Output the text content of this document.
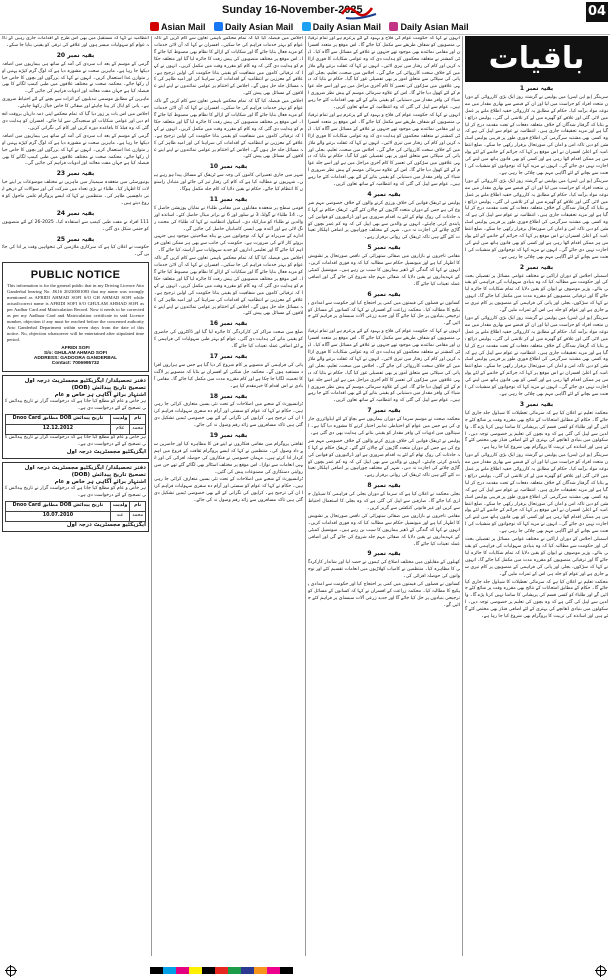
Sunday 16-November-2025	04
Asian Mail Daily Asian Mail Daily Asian Mail Daily Asian Mail
باقیات
بقیہ نمبر 1

سرینگر (یو این ایس) میں پولیس نے گزشتہ روز ایک بڑی کارروائی کے دوران متعدد افراد کو حراست میں لیا اور ان کے قبضے سے بھاری مقدار میں ممنوعہ مواد برآمد کیا۔ حکام کے مطابق یہ کارروائی خفیہ اطلاع ملنے پر عمل میں لائی گئی اور علاقے کو گھیرے میں لے کر تلاشی لی گئی۔ پولیس ذرائع نے بتایا کہ گرفتار شدگان کے خلاف متعلقہ دفعات کے تحت مقدمہ درج کر لیا گیا ہے اور مزید تحقیقات جاری ہیں۔ انتظامیہ نے عوام سے اپیل کی ہے کہ وہ کسی بھی مشتبہ سرگرمی کی اطلاع فوری طور پر قریبی پولیس اسٹیشن کو دیں تاکہ امن و امان کی صورتحال برقرار رکھی جا سکے۔ ضلع انتظامیہ کے اعلیٰ افسران نے اس موقع پر کہا کہ جرائم کے خاتمے کے لئے پولیس ہر ممکن اقدام اٹھا رہی ہے اور کسی کو بھی قانون ہاتھ میں لینے کی اجازت نہیں دی جائے گی۔ انہوں نے مزید کہا کہ نوجوانوں کو منشیات کی لعنت سے بچانے کے لئے آگاہی مہم بھی چلائی جا رہی ہے۔

سرینگر (یو این ایس) میں پولیس نے گزشتہ روز ایک بڑی کارروائی کے دوران متعدد افراد کو حراست میں لیا اور ان کے قبضے سے بھاری مقدار میں ممنوعہ مواد برآمد کیا۔ حکام کے مطابق یہ کارروائی خفیہ اطلاع ملنے پر عمل میں لائی گئی اور علاقے کو گھیرے میں لے کر تلاشی لی گئی۔ پولیس ذرائع نے بتایا کہ گرفتار شدگان کے خلاف متعلقہ دفعات کے تحت مقدمہ درج کر لیا گیا ہے اور مزید تحقیقات جاری ہیں۔ انتظامیہ نے عوام سے اپیل کی ہے کہ وہ کسی بھی مشتبہ سرگرمی کی اطلاع فوری طور پر قریبی پولیس اسٹیشن کو دیں تاکہ امن و امان کی صورتحال برقرار رکھی جا سکے۔ ضلع انتظامیہ کے اعلیٰ افسران نے اس موقع پر کہا کہ جرائم کے خاتمے کے لئے پولیس ہر ممکن اقدام اٹھا رہی ہے اور کسی کو بھی قانون ہاتھ میں لینے کی اجازت نہیں دی جائے گی۔ انہوں نے مزید کہا کہ نوجوانوں کو منشیات کی لعنت سے بچانے کے لئے آگاہی مہم بھی چلائی جا رہی ہے۔

بقیہ نمبر 2

اسمبلی اجلاس کے دوران اراکین نے مختلف عوامی مسائل پر تفصیلی بحث کی اور حکومت سے مطالبہ کیا کہ وہ بنیادی سہولیات کی فراہمی کو یقینی بنائے۔ وزیر موصوف نے ایوان کو یقین دلایا کہ تمام شکایات کا جائزہ لیا جائے گا اور ترقیاتی منصوبوں کو مقررہ مدت میں مکمل کیا جائے گا۔ انہوں نے کہا کہ سڑکوں، بجلی اور پانی کی فراہمی کے منصوبوں پر کام تیزی سے جاری ہے اور عوام کو جلد ہی اس کے ثمرات ملیں گے۔

سرینگر (یو این ایس) میں پولیس نے گزشتہ روز ایک بڑی کارروائی کے دوران متعدد افراد کو حراست میں لیا اور ان کے قبضے سے بھاری مقدار میں ممنوعہ مواد برآمد کیا۔ حکام کے مطابق یہ کارروائی خفیہ اطلاع ملنے پر عمل میں لائی گئی اور علاقے کو گھیرے میں لے کر تلاشی لی گئی۔ پولیس ذرائع نے بتایا کہ گرفتار شدگان کے خلاف متعلقہ دفعات کے تحت مقدمہ درج کر لیا گیا ہے اور مزید تحقیقات جاری ہیں۔ انتظامیہ نے عوام سے اپیل کی ہے کہ وہ کسی بھی مشتبہ سرگرمی کی اطلاع فوری طور پر قریبی پولیس اسٹیشن کو دیں تاکہ امن و امان کی صورتحال برقرار رکھی جا سکے۔ ضلع انتظامیہ کے اعلیٰ افسران نے اس موقع پر کہا کہ جرائم کے خاتمے کے لئے پولیس ہر ممکن اقدام اٹھا رہی ہے اور کسی کو بھی قانون ہاتھ میں لینے کی اجازت نہیں دی جائے گی۔ انہوں نے مزید کہا کہ نوجوانوں کو منشیات کی لعنت سے بچانے کے لئے آگاہی مہم بھی چلائی جا رہی ہے۔

بقیہ نمبر 3

محکمہ تعلیم نے اعلان کیا ہے کہ سرمائی تعطیلات کا شیڈول جلد جاری کیا جائے گا۔ حکام کے مطابق امتحانات کے نتائج بھی مقررہ وقت پر شائع کئے جائیں گے اور طلباء کو کسی قسم کی پریشانی کا سامنا نہیں کرنا پڑے گا۔ والدین سے اپیل کی گئی ہے کہ وہ بچوں کی تعلیم پر خصوصی توجہ دیں۔ اسکولوں میں بنیادی ڈھانچے کی بہتری کے لئے اضافی فنڈز بھی مختص کئے گئے ہیں اور اساتذہ کی تربیت کا پروگرام بھی شروع کیا جا رہا ہے۔

سرینگر (یو این ایس) میں پولیس نے گزشتہ روز ایک بڑی کارروائی کے دوران متعدد افراد کو حراست میں لیا اور ان کے قبضے سے بھاری مقدار میں ممنوعہ مواد برآمد کیا۔ حکام کے مطابق یہ کارروائی خفیہ اطلاع ملنے پر عمل میں لائی گئی اور علاقے کو گھیرے میں لے کر تلاشی لی گئی۔ پولیس ذرائع نے بتایا کہ گرفتار شدگان کے خلاف متعلقہ دفعات کے تحت مقدمہ درج کر لیا گیا ہے اور مزید تحقیقات جاری ہیں۔ انتظامیہ نے عوام سے اپیل کی ہے کہ وہ کسی بھی مشتبہ سرگرمی کی اطلاع فوری طور پر قریبی پولیس اسٹیشن کو دیں تاکہ امن و امان کی صورتحال برقرار رکھی جا سکے۔ ضلع انتظامیہ کے اعلیٰ افسران نے اس موقع پر کہا کہ جرائم کے خاتمے کے لئے پولیس ہر ممکن اقدام اٹھا رہی ہے اور کسی کو بھی قانون ہاتھ میں لینے کی اجازت نہیں دی جائے گی۔ انہوں نے مزید کہا کہ نوجوانوں کو منشیات کی لعنت سے بچانے کے لئے آگاہی مہم بھی چلائی جا رہی ہے۔

اسمبلی اجلاس کے دوران اراکین نے مختلف عوامی مسائل پر تفصیلی بحث کی اور حکومت سے مطالبہ کیا کہ وہ بنیادی سہولیات کی فراہمی کو یقینی بنائے۔ وزیر موصوف نے ایوان کو یقین دلایا کہ تمام شکایات کا جائزہ لیا جائے گا اور ترقیاتی منصوبوں کو مقررہ مدت میں مکمل کیا جائے گا۔ انہوں نے کہا کہ سڑکوں، بجلی اور پانی کی فراہمی کے منصوبوں پر کام تیزی سے جاری ہے اور عوام کو جلد ہی اس کے ثمرات ملیں گے۔

محکمہ تعلیم نے اعلان کیا ہے کہ سرمائی تعطیلات کا شیڈول جلد جاری کیا جائے گا۔ حکام کے مطابق امتحانات کے نتائج بھی مقررہ وقت پر شائع کئے جائیں گے اور طلباء کو کسی قسم کی پریشانی کا سامنا نہیں کرنا پڑے گا۔ والدین سے اپیل کی گئی ہے کہ وہ بچوں کی تعلیم پر خصوصی توجہ دیں۔ اسکولوں میں بنیادی ڈھانچے کی بہتری کے لئے اضافی فنڈز بھی مختص کئے گئے ہیں اور اساتذہ کی تربیت کا پروگرام بھی شروع کیا جا رہا ہے۔

انہوں نے کہا کہ حکومت عوام کی فلاح و بہبود کے لئے پرعزم ہے اور تمام ترقیاتی منصوبوں کو شفاف طریقے سے مکمل کیا جائے گا۔ اس موقع پر متعدد افسران اور مقامی نمائندے بھی موجود تھے جنہوں نے علاقے کے مسائل سے آگاہ کیا۔ ڈپٹی کمشنر نے متعلقہ محکموں کو ہدایت دی کہ وہ عوامی شکایات کا فوری ازالہ کریں اور کام کی رفتار میں تیزی لائیں۔ انہوں نے کہا کہ غفلت برتنے والے ملازمین کے خلاف سخت کارروائی کی جائے گی۔ اجلاس میں صحت، تعلیم، بجلی اور پانی کی سپلائی سے متعلق امور پر بھی تفصیلی غور کیا گیا۔ حکام نے بتایا کہ دیہی علاقوں میں سڑکوں کی تعمیر کا کام آخری مراحل میں ہے اور اسے جلد عوام کے لئے کھول دیا جائے گا۔ اس کے علاوہ سرمائی موسم کے پیش نظر ضروری اشیاء کی وافر مقدار میں دستیابی کو یقینی بنانے کے لئے بھی اقدامات کئے جا رہے ہیں۔ عوام سے اپیل کی گئی کہ وہ انتظامیہ کے ساتھ تعاون کریں۔

انہوں نے کہا کہ حکومت عوام کی فلاح و بہبود کے لئے پرعزم ہے اور تمام ترقیاتی منصوبوں کو شفاف طریقے سے مکمل کیا جائے گا۔ اس موقع پر متعدد افسران اور مقامی نمائندے بھی موجود تھے جنہوں نے علاقے کے مسائل سے آگاہ کیا۔ ڈپٹی کمشنر نے متعلقہ محکموں کو ہدایت دی کہ وہ عوامی شکایات کا فوری ازالہ کریں اور کام کی رفتار میں تیزی لائیں۔ انہوں نے کہا کہ غفلت برتنے والے ملازمین کے خلاف سخت کارروائی کی جائے گی۔ اجلاس میں صحت، تعلیم، بجلی اور پانی کی سپلائی سے متعلق امور پر بھی تفصیلی غور کیا گیا۔ حکام نے بتایا کہ دیہی علاقوں میں سڑکوں کی تعمیر کا کام آخری مراحل میں ہے اور اسے جلد عوام کے لئے کھول دیا جائے گا۔ اس کے علاوہ سرمائی موسم کے پیش نظر ضروری اشیاء کی وافر مقدار میں دستیابی کو یقینی بنانے کے لئے بھی اقدامات کئے جا رہے ہیں۔ عوام سے اپیل کی گئی کہ وہ انتظامیہ کے ساتھ تعاون کریں۔

بقیہ نمبر 4

پولیس نے ٹریفک قوانین کی خلاف ورزی کرنے والوں کے خلاف خصوصی مہم شروع کی ہے جس کے دوران متعدد گاڑیوں کے چالان کئے گئے۔ ٹریفک حکام نے کہا کہ حادثات کی روک تھام کے لئے یہ اقدام ضروری ہے اور ڈرائیوروں کو قوانین کی پابندی کرنی چاہئے۔ انہوں نے والدین سے بھی اپیل کی کہ وہ کم عمر بچوں کو گاڑی چلانے کی اجازت نہ دیں۔ شہر کے مختلف چوراہوں پر اضافی اہلکار تعینات کئے گئے ہیں تاکہ ٹریفک کی روانی برقرار رہے۔

بقیہ نمبر 5

مقامی تاجروں نے بازاروں میں صفائی ستھرائی کی ناقص صورتحال پر تشویش کا اظہار کیا ہے اور میونسپل حکام سے مطالبہ کیا کہ وہ فوری اقدامات کریں۔ انہوں نے کہا کہ گندگی کے ڈھیر بیماریوں کا سبب بن رہے ہیں۔ میونسپل کمیٹی کے عہدیداروں نے یقین دلایا کہ صفائی مہم جلد شروع کی جائے گی اور اضافی عملہ تعینات کیا جائے گا۔

بقیہ نمبر 6

کسانوں نے فصلوں کی قیمتوں میں کمی پر احتجاج کیا اور حکومت سے امدادی پیکیج کا مطالبہ کیا۔ محکمہ زراعت کے افسران نے کہا کہ کسانوں کے مسائل کو ترجیحی بنیادوں پر حل کیا جائے گا اور جدید زرعی آلات سبسڈی پر فراہم کئے جائیں گے۔

انہوں نے کہا کہ حکومت عوام کی فلاح و بہبود کے لئے پرعزم ہے اور تمام ترقیاتی منصوبوں کو شفاف طریقے سے مکمل کیا جائے گا۔ اس موقع پر متعدد افسران اور مقامی نمائندے بھی موجود تھے جنہوں نے علاقے کے مسائل سے آگاہ کیا۔ ڈپٹی کمشنر نے متعلقہ محکموں کو ہدایت دی کہ وہ عوامی شکایات کا فوری ازالہ کریں اور کام کی رفتار میں تیزی لائیں۔ انہوں نے کہا کہ غفلت برتنے والے ملازمین کے خلاف سخت کارروائی کی جائے گی۔ اجلاس میں صحت، تعلیم، بجلی اور پانی کی سپلائی سے متعلق امور پر بھی تفصیلی غور کیا گیا۔ حکام نے بتایا کہ دیہی علاقوں میں سڑکوں کی تعمیر کا کام آخری مراحل میں ہے اور اسے جلد عوام کے لئے کھول دیا جائے گا۔ اس کے علاوہ سرمائی موسم کے پیش نظر ضروری اشیاء کی وافر مقدار میں دستیابی کو یقینی بنانے کے لئے بھی اقدامات کئے جا رہے ہیں۔ عوام سے اپیل کی گئی کہ وہ انتظامیہ کے ساتھ تعاون کریں۔

بقیہ نمبر 7

محکمہ صحت نے موسم سرما کے دوران بیماریوں سے بچاؤ کے لئے ایڈوائزری جاری کی ہے جس میں عوام کو احتیاطی تدابیر اختیار کرنے کا مشورہ دیا گیا ہے۔ اسپتالوں میں ادویات کی وافر مقدار کو یقینی بنانے کی ہدایت بھی دی گئی ہے۔

پولیس نے ٹریفک قوانین کی خلاف ورزی کرنے والوں کے خلاف خصوصی مہم شروع کی ہے جس کے دوران متعدد گاڑیوں کے چالان کئے گئے۔ ٹریفک حکام نے کہا کہ حادثات کی روک تھام کے لئے یہ اقدام ضروری ہے اور ڈرائیوروں کو قوانین کی پابندی کرنی چاہئے۔ انہوں نے والدین سے بھی اپیل کی کہ وہ کم عمر بچوں کو گاڑی چلانے کی اجازت نہ دیں۔ شہر کے مختلف چوراہوں پر اضافی اہلکار تعینات کئے گئے ہیں تاکہ ٹریفک کی روانی برقرار رہے۔

بقیہ نمبر 8

بجلی محکمہ نے اعلان کیا ہے کہ سرما کے دوران بجلی کی فراہمی کا شیڈول جاری کیا جائے گا۔ صارفین سے اپیل کی گئی ہے کہ وہ بجلی کا استعمال احتیاط سے کریں اور غیر قانونی کنکشن سے گریز کریں۔

مقامی تاجروں نے بازاروں میں صفائی ستھرائی کی ناقص صورتحال پر تشویش کا اظہار کیا ہے اور میونسپل حکام سے مطالبہ کیا کہ وہ فوری اقدامات کریں۔ انہوں نے کہا کہ گندگی کے ڈھیر بیماریوں کا سبب بن رہے ہیں۔ میونسپل کمیٹی کے عہدیداروں نے یقین دلایا کہ صفائی مہم جلد شروع کی جائے گی اور اضافی عملہ تعینات کیا جائے گا۔

بقیہ نمبر 9

کھیلوں کے مقابلوں میں مختلف اضلاع کی ٹیموں نے حصہ لیا اور شاندار کارکردگی کا مظاہرہ کیا۔ منتظمین نے کامیاب کھلاڑیوں میں انعامات تقسیم کئے اور نوجوانوں کی حوصلہ افزائی کی۔

کسانوں نے فصلوں کی قیمتوں میں کمی پر احتجاج کیا اور حکومت سے امدادی پیکیج کا مطالبہ کیا۔ محکمہ زراعت کے افسران نے کہا کہ کسانوں کے مسائل کو ترجیحی بنیادوں پر حل کیا جائے گا اور جدید زرعی آلات سبسڈی پر فراہم کئے جائیں گے۔

اجلاس میں فیصلہ کیا گیا کہ تمام محکمے باہمی تعاون سے کام کریں گے تاکہ عوام کو بہتر خدمات فراہم کی جا سکیں۔ افسران نے کہا کہ آن لائن خدمات کو مزید فعال بنایا جائے گا اور شکایات کے ازالے کا نظام بھی مضبوط کیا جائے گا۔ اس موقع پر مختلف منصوبوں کی پیش رفت کا جائزہ لیا گیا اور متعلقہ حکام کو ہدایت دی گئی کہ وہ کام کو مقررہ وقت میں مکمل کریں۔ انہوں نے کہا کہ ترقیاتی کاموں میں شفافیت کو یقینی بنانا حکومت کی اولین ترجیح ہے۔ علاقے کے معززین نے انتظامیہ کے اقدامات کی سراہنا کی اور امید ظاہر کی کہ مسائل جلد حل ہوں گے۔ اجلاس کے اختتام پر عوامی نمائندوں نے اپنے اپنے علاقوں کے مسائل بھی پیش کئے۔

اجلاس میں فیصلہ کیا گیا کہ تمام محکمے باہمی تعاون سے کام کریں گے تاکہ عوام کو بہتر خدمات فراہم کی جا سکیں۔ افسران نے کہا کہ آن لائن خدمات کو مزید فعال بنایا جائے گا اور شکایات کے ازالے کا نظام بھی مضبوط کیا جائے گا۔ اس موقع پر مختلف منصوبوں کی پیش رفت کا جائزہ لیا گیا اور متعلقہ حکام کو ہدایت دی گئی کہ وہ کام کو مقررہ وقت میں مکمل کریں۔ انہوں نے کہا کہ ترقیاتی کاموں میں شفافیت کو یقینی بنانا حکومت کی اولین ترجیح ہے۔ علاقے کے معززین نے انتظامیہ کے اقدامات کی سراہنا کی اور امید ظاہر کی کہ مسائل جلد حل ہوں گے۔ اجلاس کے اختتام پر عوامی نمائندوں نے اپنے اپنے علاقوں کے مسائل بھی پیش کئے۔

بقیہ نمبر 10

شہر میں جاری تعمیراتی کاموں کی وجہ سے ٹریفک کے مسائل پیدا ہو رہے ہیں۔ شہریوں نے مطالبہ کیا ہے کہ کام کی رفتار تیز کی جائے اور متبادل راستوں کا انتظام کیا جائے۔ حکام نے یقین دلایا کہ کام جلد مکمل ہوگا۔

بقیہ نمبر 11

قومی سطح پر منعقدہ مقابلوں میں مقامی طلباء نے نمایاں پوزیشن حاصل کی۔ 14 طلباء نے گولڈ، 3 نے سلور اور 6 نے برانز میڈل حاصل کئے۔ اساتذہ اور والدین نے طلباء کو مبارکباد دی۔ اسکول انتظامیہ نے کہا کہ طلباء کی محنت رنگ لائی ہے اور آئندہ بھی ایسی کامیابیاں حاصل کی جائیں گی۔

ادارے کے سربراہ نے کہا کہ نوجوانوں میں بے پناہ صلاحیتیں موجود ہیں جنہیں بروئے کار لانے کی ضرورت ہے۔ حکومت کی جانب سے بھی ہر ممکن تعاون فراہم کیا جائے گا اور تعلیمی اداروں کو جدید سہولیات سے آراستہ کیا جائے گا۔

اجلاس میں فیصلہ کیا گیا کہ تمام محکمے باہمی تعاون سے کام کریں گے تاکہ عوام کو بہتر خدمات فراہم کی جا سکیں۔ افسران نے کہا کہ آن لائن خدمات کو مزید فعال بنایا جائے گا اور شکایات کے ازالے کا نظام بھی مضبوط کیا جائے گا۔ اس موقع پر مختلف منصوبوں کی پیش رفت کا جائزہ لیا گیا اور متعلقہ حکام کو ہدایت دی گئی کہ وہ کام کو مقررہ وقت میں مکمل کریں۔ انہوں نے کہا کہ ترقیاتی کاموں میں شفافیت کو یقینی بنانا حکومت کی اولین ترجیح ہے۔ علاقے کے معززین نے انتظامیہ کے اقدامات کی سراہنا کی اور امید ظاہر کی کہ مسائل جلد حل ہوں گے۔ اجلاس کے اختتام پر عوامی نمائندوں نے اپنے اپنے علاقوں کے مسائل بھی پیش کئے۔

بقیہ نمبر 16

ضلع میں صحت مراکز کی کارکردگی کا جائزہ لیا گیا اور ڈاکٹروں کی حاضری کو یقینی بنانے کی ہدایت دی گئی۔ عوام کو بہتر طبی سہولیات کی فراہمی کے لئے اضافی عملہ تعینات کیا جائے گا۔

بقیہ نمبر 17

پانی کی فراہمی کے منصوبے پر کام شروع کر دیا گیا ہے جس سے ہزاروں افراد مستفید ہوں گے۔ محکمہ جل شکتی کے افسران نے بتایا کہ منصوبے پر لاگت کا تخمینہ لگایا جا چکا ہے اور کام مقررہ مدت میں مکمل کیا جائے گا۔ مقامی آبادی نے اس اقدام کا خیرمقدم کیا ہے۔

بقیہ نمبر 18

ٹرانسپورٹ کے شعبے میں اصلاحات کے تحت نئی بسیں متعارف کرائی جا رہی ہیں۔ حکام نے کہا کہ عوام کو سستی اور آرام دہ سفری سہولیات فراہم کرنا ان کی ترجیح ہے۔ کرایوں کی نگرانی کے لئے بھی خصوصی ٹیمیں تشکیل دی گئی ہیں تاکہ مسافروں سے زائد رقم وصول نہ کی جائے۔

بقیہ نمبر 19

ثقافتی پروگرام میں مقامی فنکاروں نے اپنے فن کا مظاہرہ کیا اور حاضرین سے داد وصول کی۔ منتظمین نے کہا کہ ایسے پروگرام ثقافت کے فروغ میں اہم کردار ادا کرتے ہیں۔ مہمان خصوصی نے فنکاروں کی حوصلہ افزائی کی اور انہیں انعامات سے نوازا۔ اس موقع پر مختلف اسٹالز بھی لگائے گئے تھے جن میں روایتی دستکاری کی مصنوعات پیش کی گئیں۔

ٹرانسپورٹ کے شعبے میں اصلاحات کے تحت نئی بسیں متعارف کرائی جا رہی ہیں۔ حکام نے کہا کہ عوام کو سستی اور آرام دہ سفری سہولیات فراہم کرنا ان کی ترجیح ہے۔ کرایوں کی نگرانی کے لئے بھی خصوصی ٹیمیں تشکیل دی گئی ہیں تاکہ مسافروں سے زائد رقم وصول نہ کی جائے۔

انتظامیہ نے کہا کہ مستقبل میں بھی اس طرح کے اقدامات جاری رہیں گے تاکہ عوام کو سہولیات میسر ہوں اور علاقے کی ترقی کو یقینی بنایا جا سکے۔

بقیہ نمبر 20

گرمی کے موسم کے بعد اب سردی کی آمد کے ساتھ ہی بیماریوں میں اضافہ دیکھا جا رہا ہے۔ ماہرین صحت نے مشورہ دیا ہے کہ لوگ گرم کپڑے پہنیں اور متوازن غذا استعمال کریں۔ انہوں نے کہا کہ بزرگوں اور بچوں کا خاص خیال رکھا جائے۔ محکمہ صحت نے مختلف علاقوں میں طبی کیمپ لگانے کا بھی فیصلہ کیا ہے جہاں مفت معائنہ اور ادویات فراہم کی جائیں گی۔

ماہرین کے مطابق موسمی تبدیلیوں کے اثرات سے بچنے کے لئے احتیاط ضروری ہے۔ پانی کو ابال کر پینا چاہئے اور صفائی کا خاص خیال رکھنا چاہئے۔

اجلاس میں اس بات پر زور دیا گیا کہ تمام محکمے اپنی ذمہ داریاں بروقت انجام دیں اور عوامی شکایات کو سنجیدگی سے لیا جائے۔ افسران کو ہدایت دی گئی کہ وہ فیلڈ کا باقاعدہ دورہ کریں اور کام کی نگرانی کریں۔

گرمی کے موسم کے بعد اب سردی کی آمد کے ساتھ ہی بیماریوں میں اضافہ دیکھا جا رہا ہے۔ ماہرین صحت نے مشورہ دیا ہے کہ لوگ گرم کپڑے پہنیں اور متوازن غذا استعمال کریں۔ انہوں نے کہا کہ بزرگوں اور بچوں کا خاص خیال رکھا جائے۔ محکمہ صحت نے مختلف علاقوں میں طبی کیمپ لگانے کا بھی فیصلہ کیا ہے جہاں مفت معائنہ اور ادویات فراہم کی جائیں گی۔

بقیہ نمبر 23

یونیورسٹی میں منعقدہ سیمینار میں ماہرین نے مختلف موضوعات پر اپنے خیالات کا اظہار کیا۔ طلباء نے بڑی تعداد میں شرکت کی اور سوالات کے ذریعے اپنی دلچسپی ظاہر کی۔ منتظمین نے کہا کہ ایسے پروگرام علمی ماحول کو فروغ دیتے ہیں۔

بقیہ نمبر 24

111 افراد نے مفت طبی کیمپ سے استفادہ کیا۔ 2025-26 کے لئے منصوبوں کو حتمی شکل دی گئی۔

بقیہ نمبر 25

حکومت نے اعلان کیا ہے کہ سرکاری ملازمین کی تنخواہیں وقت پر ادا کی جائیں گی۔

PUBLIC NOTICE
This information is for the general public that in my Driving Licence Atto Ganderbal bearing No. JK16 20230001083 that my name was wrongly mentioned as AFRIDI AHMAD SOFI S/O GH AHMAD SOFI while actual/correct name is AFRIDI SOFI S/O GHULAM AHMAD SOFI as per Aadhar Card and Matriculation Record. Now it needs to be corrected as per my Aadhaar Card and Matriculation certificate in said Licence number, objection if any must be reached before the concerned authority Arto Ganderbal Department within seven days from the date of this notice. No, objection whatsoever will be entertained after stipulated time period.
AFRIDI SOFI
S/o: GHULAM AHMAD SOFI
ADDRESS: GADOORA GANDERBAL
Contact: 7006995732
دفتر تحصیلدار/ ایگزیکٹیو مجسٹریٹ درجہ اول
تصحیح تاریخ پیدائش (DOB)
اشتہار برائے آگاہی ہر خاص و عام

ہر خاص و عام کو مطلع کیا جاتا ہے کہ درخواست گزار نے تاریخ پیدائش کی تصحیح کے لئے درخواست دی ہے۔

نام	ولدیت	تاریخ پیدائش DOB مطابق Dnoo Card
محمد	غلام	12.12.2012

ہر خاص و عام کو مطلع کیا جاتا ہے کہ درخواست گزار نے تاریخ پیدائش کی تصحیح کے لئے درخواست دی ہے۔

ایگزیکٹیو مجسٹریٹ درجہ اول
دفتر تحصیلدار/ ایگزیکٹیو مجسٹریٹ درجہ اول
تصحیح تاریخ پیدائش (DOB)
اشتہار برائے آگاہی ہر خاص و عام

ہر خاص و عام کو مطلع کیا جاتا ہے کہ درخواست گزار نے تاریخ پیدائش کی تصحیح کے لئے درخواست دی ہے۔

نام	ولدیت	تاریخ پیدائش DOB مطابق Dnoo Card
محمد	عبد	10.07.2010
ایگزیکٹیو مجسٹریٹ درجہ اول
